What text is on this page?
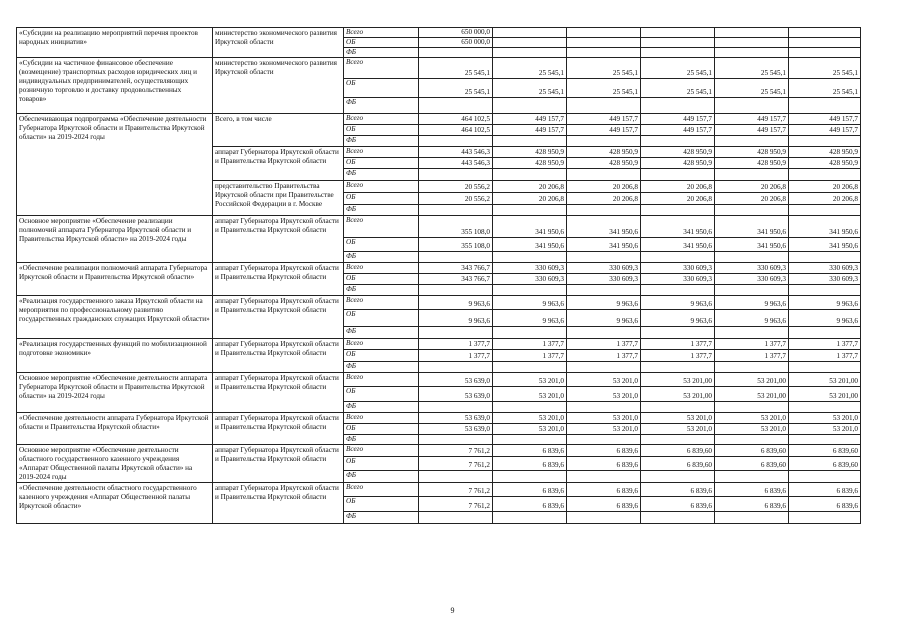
«Субсидии на реализацию мероприятий перечня проектов народных инициатив»	министерство экономического развития Иркутской области	Всего	650 000,0					
		ОБ	650 000,0					
		ФБ						
«Субсидии на частичное финансовое обеспечение (возмещение) транспортных расходов юридических лиц и индивидуальных предпринимателей, осуществляющих розничную торговлю и доставку продовольственных товаров»	министерство экономического развития Иркутской области	Всего	25 545,1	25 545,1	25 545,1	25 545,1	25 545,1	25 545,1
		ОБ	25 545,1	25 545,1	25 545,1	25 545,1	25 545,1	25 545,1
		ФБ						
Обеспечивающая подпрограмма «Обеспечение деятельности Губернатора Иркутской области и Правительства Иркутской области» на 2019-2024 годы	Всего, в том числе	Всего	464 102,5	449 157,7	449 157,7	449 157,7	449 157,7	449 157,7
		ОБ	464 102,5	449 157,7	449 157,7	449 157,7	449 157,7	449 157,7
		ФБ						
	аппарат Губернатора Иркутской области и Правительства Иркутской области	Всего	443 546,3	428 950,9	428 950,9	428 950,9	428 950,9	428 950,9
		ОБ	443 546,3	428 950,9	428 950,9	428 950,9	428 950,9	428 950,9
		ФБ						
	представительство Правительства Иркутской области при Правительстве Российской Федерации в г. Москве	Всего	20 556,2	20 206,8	20 206,8	20 206,8	20 206,8	20 206,8
		ОБ	20 556,2	20 206,8	20 206,8	20 206,8	20 206,8	20 206,8
		ФБ						
Основное мероприятие «Обеспечение реализации полномочий аппарата Губернатора Иркутской области и Правительства Иркутской области» на 2019-2024 годы	аппарат Губернатора Иркутской области и Правительства Иркутской области	Всего	355 108,0	341 950,6	341 950,6	341 950,6	341 950,6	341 950,6
		ОБ	355 108,0	341 950,6	341 950,6	341 950,6	341 950,6	341 950,6
		ФБ						
«Обеспечение реализации полномочий аппарата Губернатора Иркутской области и Правительства Иркутской области»	аппарат Губернатора Иркутской области и Правительства Иркутской области	Всего	343 766,7	330 609,3	330 609,3	330 609,3	330 609,3	330 609,3
		ОБ	343 766,7	330 609,3	330 609,3	330 609,3	330 609,3	330 609,3
		ФБ						
«Реализация государственного заказа Иркутской области на мероприятия по профессиональному развитию государственных гражданских служащих Иркутской области»	аппарат Губернатора Иркутской области и Правительства Иркутской области	Всего	9 963,6	9 963,6	9 963,6	9 963,6	9 963,6	9 963,6
		ОБ	9 963,6	9 963,6	9 963,6	9 963,6	9 963,6	9 963,6
		ФБ						
«Реализация государственных функций по мобилизационной подготовке экономики»	аппарат Губернатора Иркутской области и Правительства Иркутской области	Всего	1 377,7	1 377,7	1 377,7	1 377,7	1 377,7	1 377,7
		ОБ	1 377,7	1 377,7	1 377,7	1 377,7	1 377,7	1 377,7
		ФБ						
Основное мероприятие «Обеспечение деятельности аппарата Губернатора Иркутской области и Правительства Иркутской области» на 2019-2024 годы	аппарат Губернатора Иркутской области и Правительства Иркутской области	Всего	53 639,0	53 201,0	53 201,0	53 201,00	53 201,00	53 201,00
		ОБ	53 639,0	53 201,0	53 201,0	53 201,00	53 201,00	53 201,00
		ФБ						
«Обеспечение деятельности аппарата Губернатора Иркутской области и Правительства Иркутской области»	аппарат Губернатора Иркутской области и Правительства Иркутской области	Всего	53 639,0	53 201,0	53 201,0	53 201,0	53 201,0	53 201,0
		ОБ	53 639,0	53 201,0	53 201,0	53 201,0	53 201,0	53 201,0
		ФБ						
Основное мероприятие «Обеспечение деятельности областного государственного казенного учреждения «Аппарат Общественной палаты Иркутской области» на 2019-2024 годы	аппарат Губернатора Иркутской области и Правительства Иркутской области	Всего	7 761,2	6 839,6	6 839,6	6 839,60	6 839,60	6 839,60
		ОБ	7 761,2	6 839,6	6 839,6	6 839,60	6 839,60	6 839,60
		ФБ						
«Обеспечение деятельности областного государственного казенного учреждения «Аппарат Общественной палаты Иркутской области»	аппарат Губернатора Иркутской области и Правительства Иркутской области	Всего	7 761,2	6 839,6	6 839,6	6 839,6	6 839,6	6 839,6
		ОБ	7 761,2	6 839,6	6 839,6	6 839,6	6 839,6	6 839,6
		ФБ						
9
